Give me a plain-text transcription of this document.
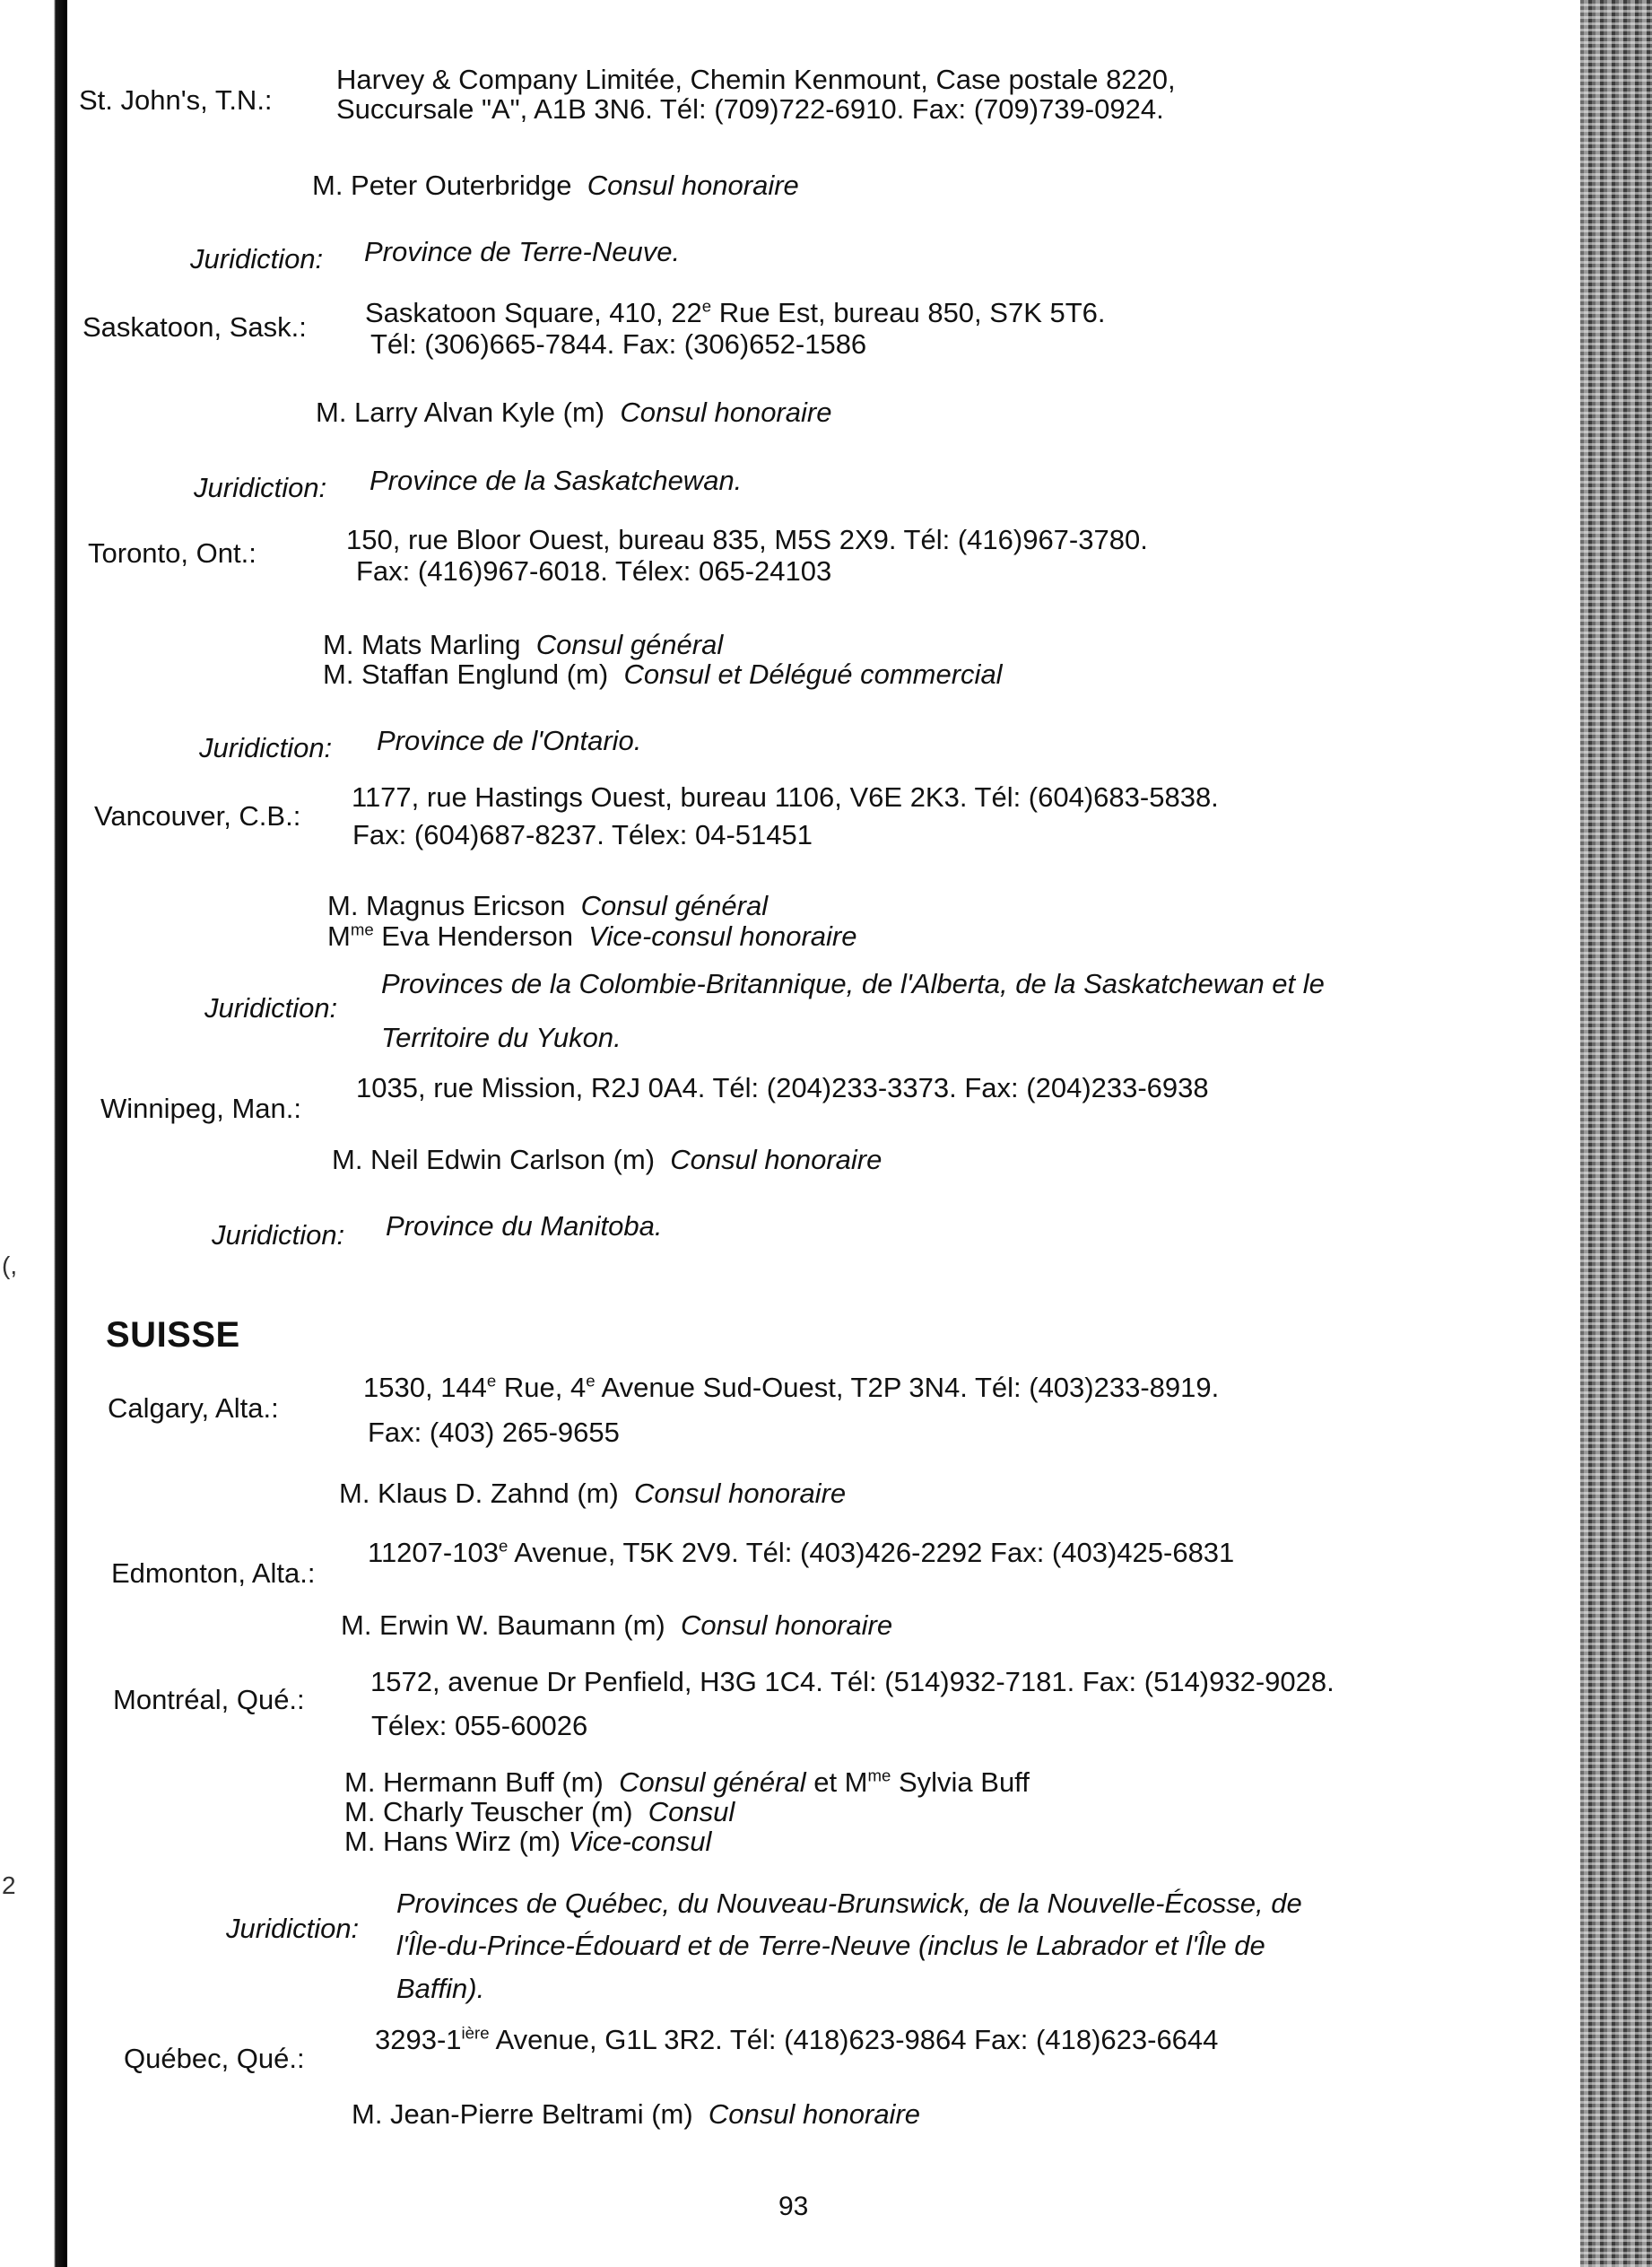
St. John's, T.N.:
Harvey & Company Limitée, Chemin Kenmount, Case postale 8220,
Succursale "A", A1B 3N6. Tél: (709)722-6910. Fax: (709)739-0924.
M. Peter Outerbridge Consul honoraire
Juridiction: Province de Terre-Neuve.
Saskatoon, Sask.: Saskatoon Square, 410, 22e Rue Est, bureau 850, S7K 5T6.
Tél: (306)665-7844. Fax: (306)652-1586
M. Larry Alvan Kyle (m) Consul honoraire
Juridiction: Province de la Saskatchewan.
Toronto, Ont.:	150, rue Bloor Ouest, bureau 835, M5S 2X9. Tél: (416)967-3780.
Fax: (416)967-6018. Télex: 065-24103
M. Mats Marling Consul général
M. Staffan Englund (m) Consul et Délégué commercial
Juridiction: Province de l'Ontario.
Vancouver, C.B.:
1177, rue Hastings Ouest, bureau 1106, V6E 2K3. Tél: (604)683-5838.
Fax: (604)687-8237. Télex: 04-51451
M. Magnus Ericson Consul général
$M^{me}$ Eva Henderson Vice-consul honoraire
Juridiction:
Provinces de la Colombie-Britannique, de l'Alberta, de la Saskatchewan et le
Territoire du Yukon.
Winnipeg, Man.:
1035, rue Mission, R2J 0A4. Tél: (204)233-3373. Fax: (204)233-6938
M. Neil Edwin Carlson (m) Consul honoraire
Juridiction: Province du Manitoba.
SUISSE
Calgary, Alta.:
1530, 144e Rue, 4e Avenue Sud-Ouest, T2P 3N4. Tél: (403)233-8919.
Fax: (403) 265-9655
M. Klaus D. Zahnd (m) Consul honoraire
Edmonton, Alta.:
11207-103e Avenue, T5K 2V9. Tél: (403)426-2292 Fax: (403)425-6831
M. Erwin W. Baumann (m) Consul honoraire
Montréal, Qué.:
1572, avenue Dr Penfield, H3G 1C4. Tél: (514)932-7181. Fax: (514)932-9028.
Télex: 055-60026
M. Hermann Buff (m) Consul général et $M^{me}$ Sylvia Buff
M. Charly Teuscher (m) Consul
M. Hans Wirz (m) Vice-consul
Juridiction:
Provinces de Québec, du Nouveau-Brunswick, de la Nouvelle-Écosse, de
l'Île-du-Prince-Édouard et de Terre-Neuve (inclus le Labrador et l'Île de
Baffin).
Québec, Qué.:
$3293-1^{ière}$ Avenue, G1L 3R2. Tél: (418)623-9864 Fax: (418)623-6644
M. Jean-Pierre Beltrami (m) Consul honoraire
93
(,
2
